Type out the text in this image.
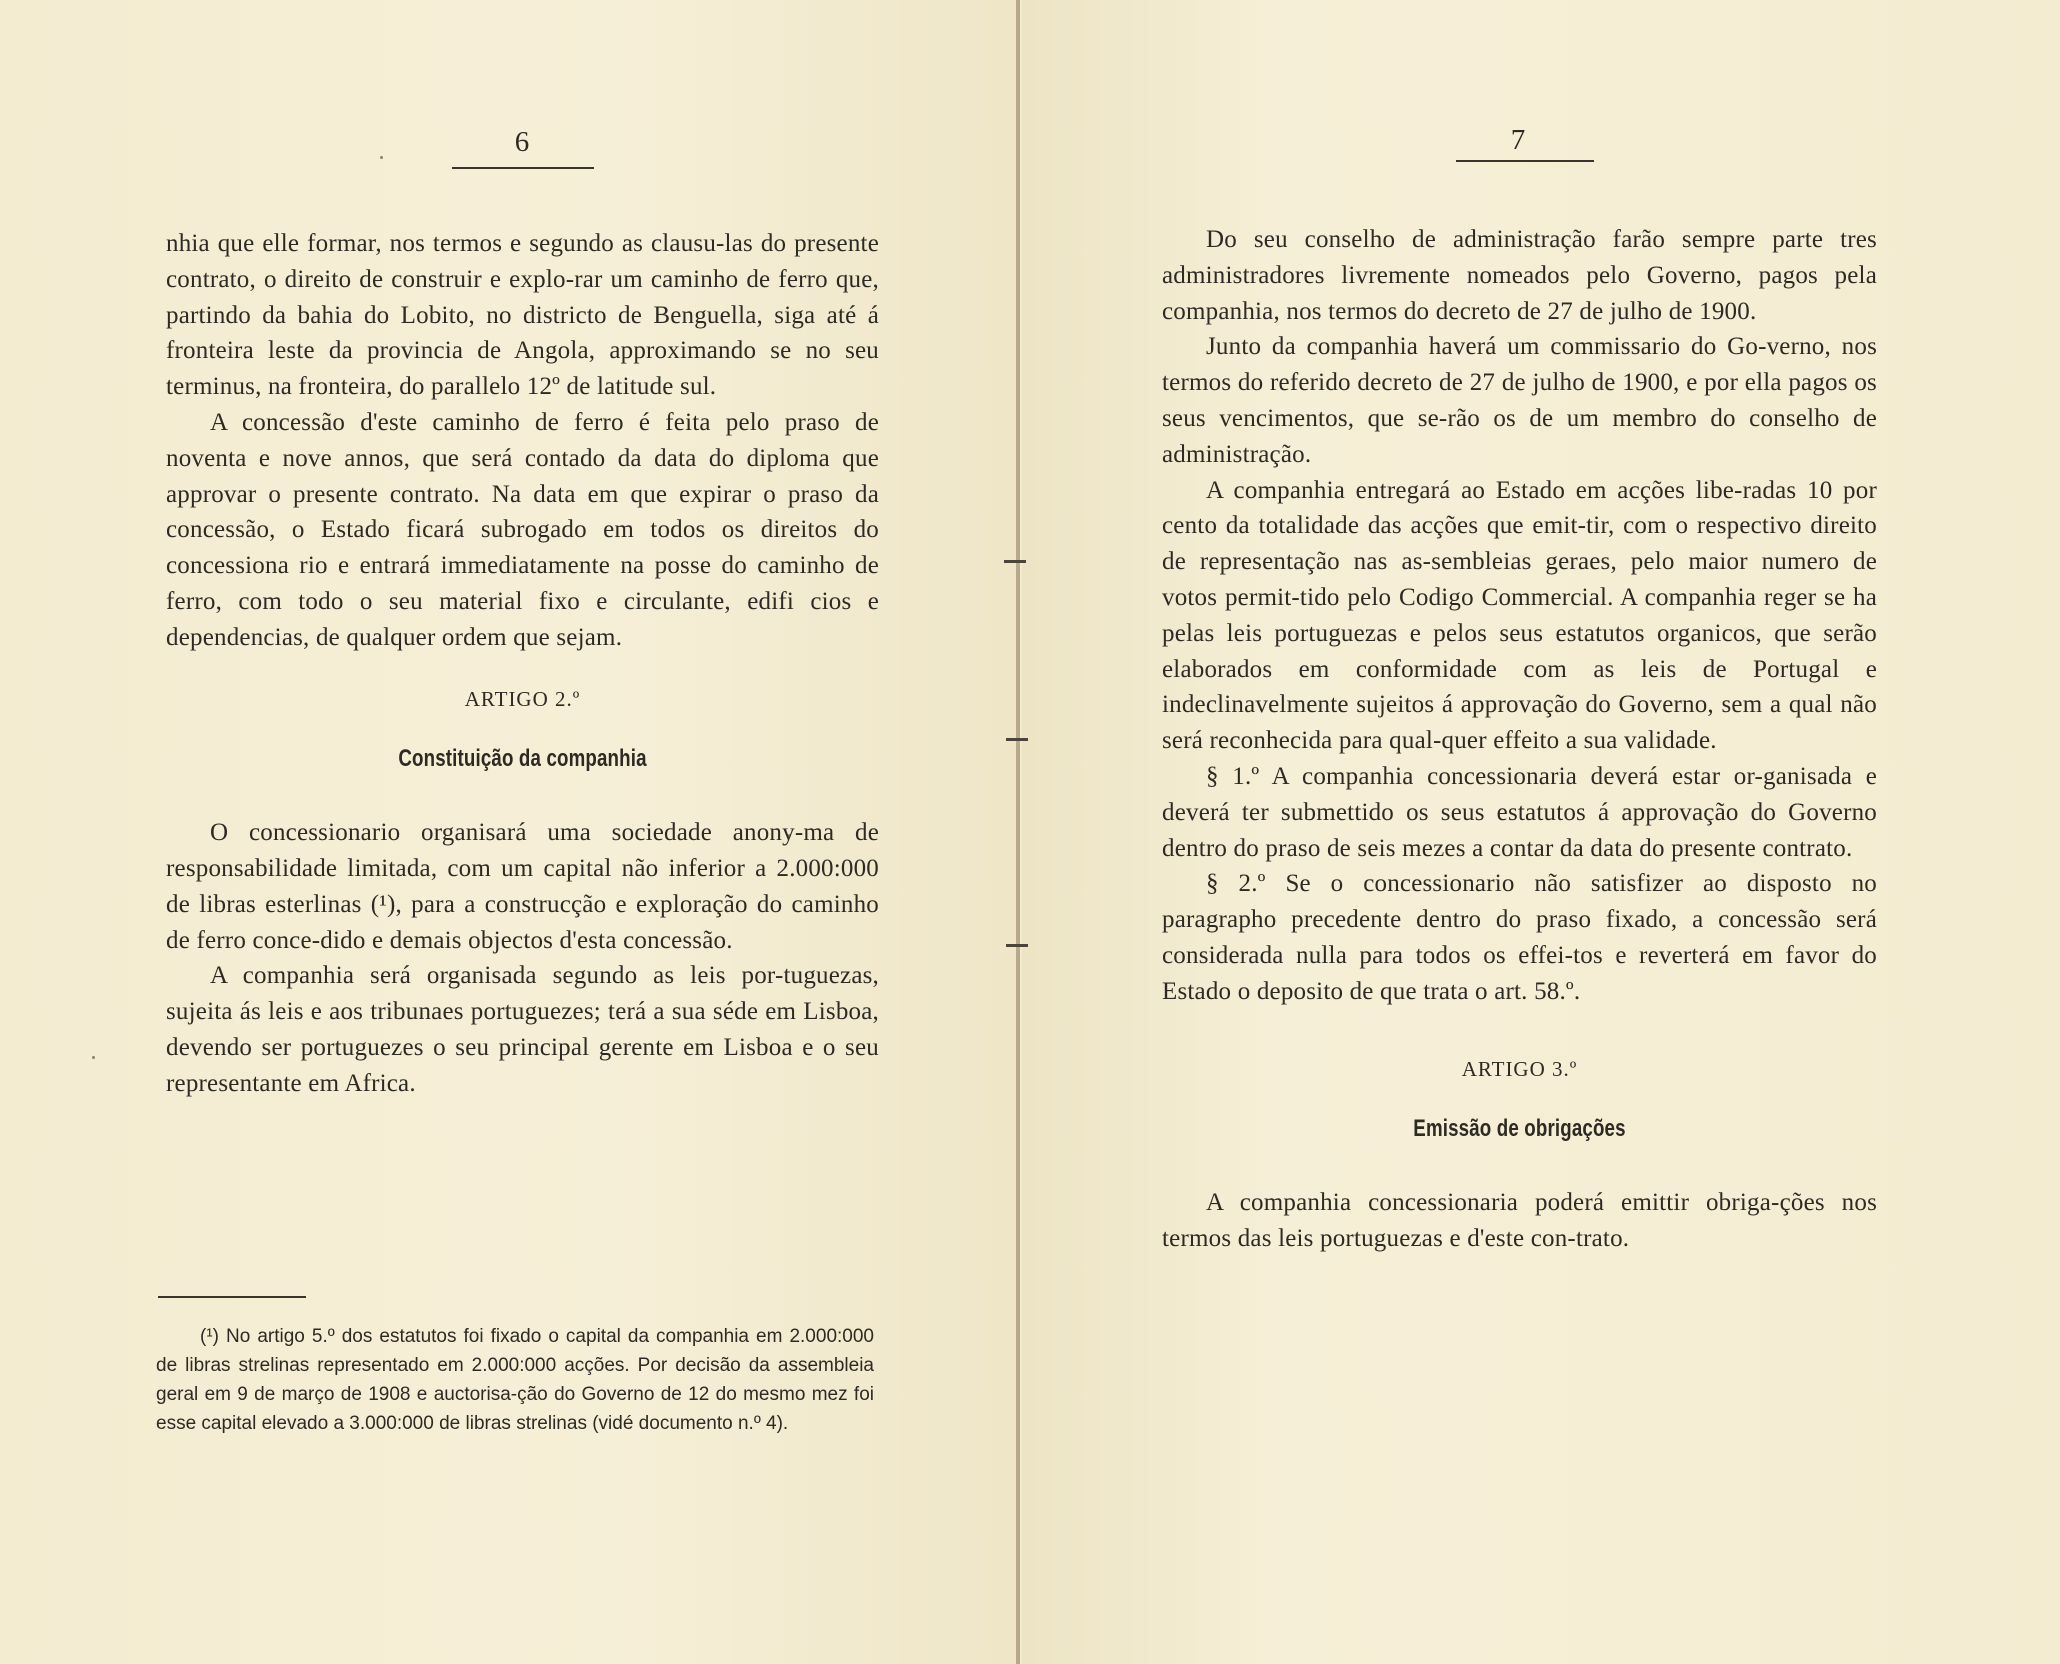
6

nhia que elle formar, nos termos e segundo as clausu-las do presente contrato, o direito de construir e explo-rar um caminho de ferro que, partindo da bahia do Lobito, no districto de Benguella, siga até á fronteira leste da provincia de Angola, approximando se no seu terminus, na fronteira, do parallelo 12º de latitude sul.

A concessão d'este caminho de ferro é feita pelo praso de noventa e nove annos, que será contado da data do diploma que approvar o presente contrato. Na data em que expirar o praso da concessão, o Estado ficará subrogado em todos os direitos do concessiona rio e entrará immediatamente na posse do caminho de ferro, com todo o seu material fixo e circulante, edifi cios e dependencias, de qualquer ordem que sejam.

ARTIGO 2.º
Constituição da companhia

O concessionario organisará uma sociedade anony-ma de responsabilidade limitada, com um capital não inferior a 2.000:000 de libras esterlinas (¹), para a construcção e exploração do caminho de ferro conce-dido e demais objectos d'esta concessão.

A companhia será organisada segundo as leis por-tuguezas, sujeita ás leis e aos tribunaes portuguezes; terá a sua séde em Lisboa, devendo ser portuguezes o seu principal gerente em Lisboa e o seu representante em Africa.

(¹) No artigo 5.º dos estatutos foi fixado o capital da companhia em 2.000:000 de libras strelinas representado em 2.000:000 acções. Por decisão da assembleia geral em 9 de março de 1908 e auctorisa-ção do Governo de 12 do mesmo mez foi esse capital elevado a 3.000:000 de libras strelinas (vidé documento n.º 4).

7

Do seu conselho de administração farão sempre parte tres administradores livremente nomeados pelo Governo, pagos pela companhia, nos termos do decreto de 27 de julho de 1900.

Junto da companhia haverá um commissario do Go-verno, nos termos do referido decreto de 27 de julho de 1900, e por ella pagos os seus vencimentos, que se-rão os de um membro do conselho de administração.

A companhia entregará ao Estado em acções libe-radas 10 por cento da totalidade das acções que emit-tir, com o respectivo direito de representação nas as-sembleias geraes, pelo maior numero de votos permit-tido pelo Codigo Commercial. A companhia reger se ha pelas leis portuguezas e pelos seus estatutos organicos, que serão elaborados em conformidade com as leis de Portugal e indeclinavelmente sujeitos á approvação do Governo, sem a qual não será reconhecida para qual-quer effeito a sua validade.

§ 1.º A companhia concessionaria deverá estar or-ganisada e deverá ter submettido os seus estatutos á approvação do Governo dentro do praso de seis mezes a contar da data do presente contrato.

§ 2.º Se o concessionario não satisfizer ao disposto no paragrapho precedente dentro do praso fixado, a concessão será considerada nulla para todos os effei-tos e reverterá em favor do Estado o deposito de que trata o art. 58.º.

ARTIGO 3.º
Emissão de obrigações

A companhia concessionaria poderá emittir obriga-ções nos termos das leis portuguezas e d'este con-trato.
